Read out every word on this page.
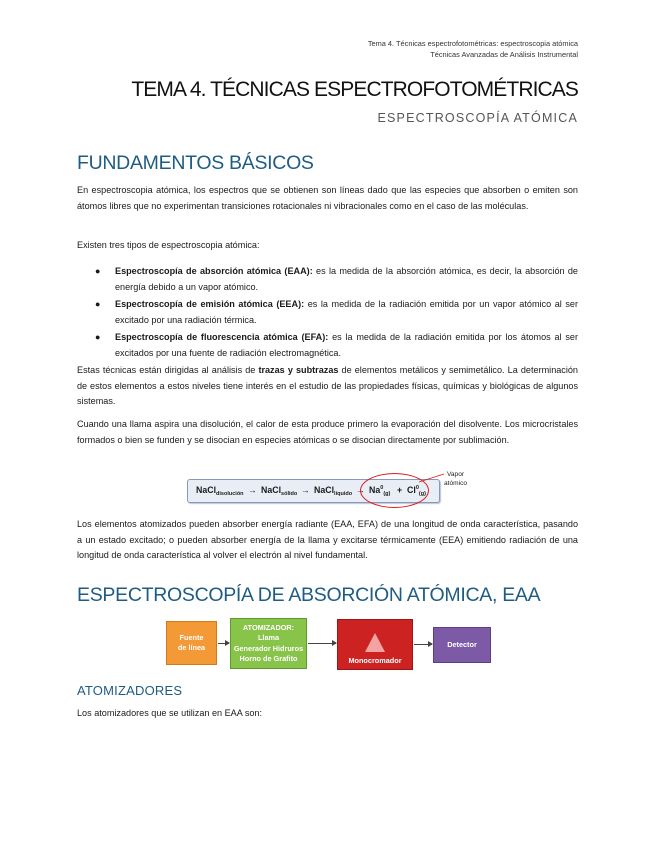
Tema 4. Técnicas espectrofotométricas: espectroscopia atómica
Técnicas Avanzadas de Análisis Instrumental
TEMA 4. TÉCNICAS ESPECTROFOTOMÉTRICAS
ESPECTROSCOPÍA ATÓMICA
FUNDAMENTOS BÁSICOS

En espectroscopia atómica, los espectros que se obtienen son líneas dado que las especies que absorben o emiten son átomos libres que no experimentan transiciones rotacionales ni vibracionales como en el caso de las moléculas.

Existen tres tipos de espectroscopia atómica:

● Espectroscopía de absorción atómica (EAA): es la medida de la absorción atómica, es decir, la absorción de energía debido a un vapor atómico.
● Espectroscopía de emisión atómica (EEA): es la medida de la radiación emitida por un vapor atómico al ser excitado por una radiación térmica.
● Espectroscopía de fluorescencia atómica (EFA): es la medida de la radiación emitida por los átomos al ser excitados por una fuente de radiación electromagnética.

Estas técnicas están dirigidas al análisis de trazas y subtrazas de elementos metálicos y semimetálico. La determinación de estos elementos a estos niveles tiene interés en el estudio de las propiedades físicas, químicas y biológicas de algunos sistemas.

Cuando una llama aspira una disolución, el calor de esta produce primero la evaporación del disolvente. Los microcristales formados o bien se funden y se disocian en especies atómicas o se disocian directamente por sublimación.

NaCl$_{disolución}$ → NaCl$_{sólido}$ → NaCl$_{líquido}$ → $Na^0_{(g)} + Cl^0_{(g)}$
Vapor
atómico

Los elementos atomizados pueden absorber energía radiante (EAA, EFA) de una longitud de onda característica, pasando a un estado excitado; o pueden absorber energía de la llama y excitarse térmicamente (EEA) emitiendo radiación de una longitud de onda característica al volver el electrón al nivel fundamental.

ESPECTROSCOPÍA DE ABSORCIÓN ATÓMICA, EAA
Fuente
de línea
ATOMIZADOR:
Llama
Generador Hidruros
Horno de Grafito	Monocromador
Detector
ATOMIZADORES

Los atomizadores que se utilizan en EAA son:
